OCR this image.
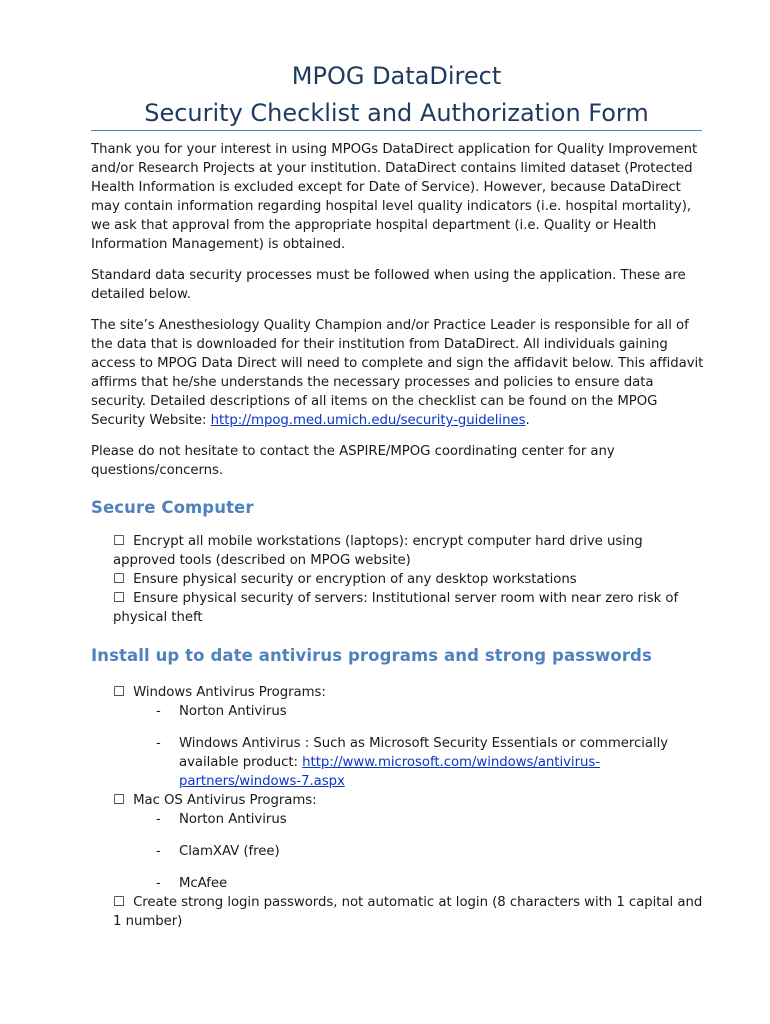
MPOG DataDirect
Security Checklist and Authorization Form

Thank you for your interest in using MPOGs DataDirect application for Quality Improvement and/or Research Projects at your institution. DataDirect contains limited dataset (Protected Health Information is excluded except for Date of Service). However, because DataDirect may contain information regarding hospital level quality indicators (i.e. hospital mortality), we ask that approval from the appropriate hospital department (i.e. Quality or Health Information Management) is obtained.

Standard data security processes must be followed when using the application. These are detailed below.

The site’s Anesthesiology Quality Champion and/or Practice Leader is responsible for all of the data that is downloaded for their institution from DataDirect. All individuals gaining access to MPOG Data Direct will need to complete and sign the affidavit below. This affidavit affirms that he/she understands the necessary processes and policies to ensure data security. Detailed descriptions of all items on the checklist can be found on the MPOG Security Website: http://mpog.med.umich.edu/security-guidelines.

Please do not hesitate to contact the ASPIRE/MPOG coordinating center for any questions/concerns.

Secure Computer
☐ Encrypt all mobile workstations (laptops): encrypt computer hard drive using approved tools (described on MPOG website)
☐ Ensure physical security or encryption of any desktop workstations
☐ Ensure physical security of servers: Institutional server room with near zero risk of physical theft
Install up to date antivirus programs and strong passwords
☐ Windows Antivirus Programs:
- Norton Antivirus
- Windows Antivirus : Such as Microsoft Security Essentials or commercially available product: http://www.microsoft.com/windows/antivirus-partners/windows-7.aspx
☐ Mac OS Antivirus Programs:
- Norton Antivirus
- ClamXAV (free)
- McAfee
☐ Create strong login passwords, not automatic at login (8 characters with 1 capital and 1 number)
